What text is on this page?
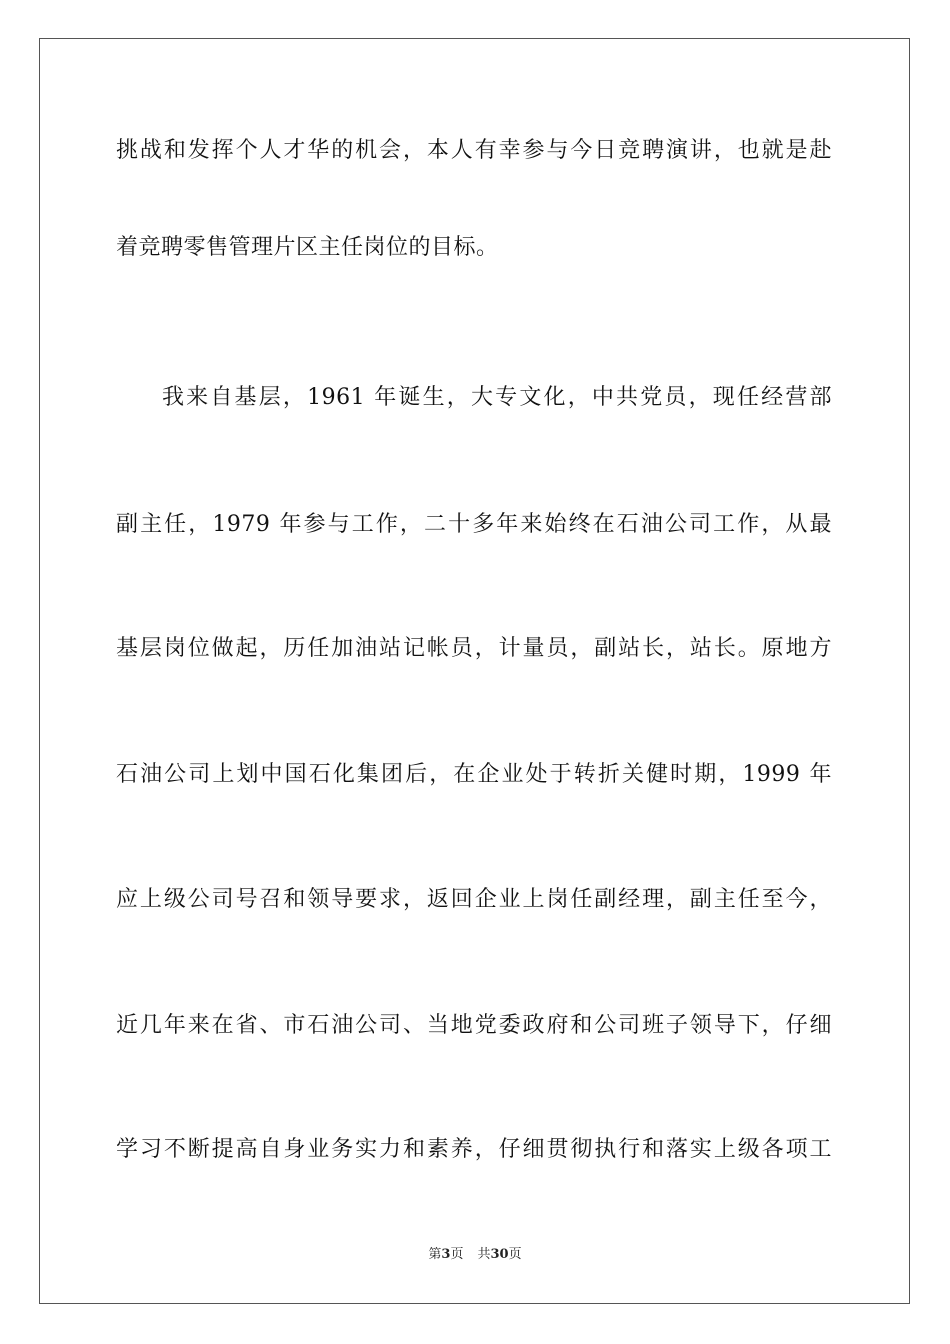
挑战和发挥个人才华的机会，本人有幸参与今日竞聘演讲，也就是赴
着竞聘零售管理片区主任岗位的目标。
我来自基层，1961 年诞生，大专文化，中共党员，现任经营部
副主任，1979 年参与工作，二十多年来始终在石油公司工作，从最
基层岗位做起，历任加油站记帐员，计量员，副站长，站长。原地方
石油公司上划中国石化集团后，在企业处于转折关健时期，1999 年
应上级公司号召和领导要求，返回企业上岗任副经理，副主任至今，
近几年来在省、市石油公司、当地党委政府和公司班子领导下，仔细
学习不断提高自身业务实力和素养，仔细贯彻执行和落实上级各项工
第3页 共30页
